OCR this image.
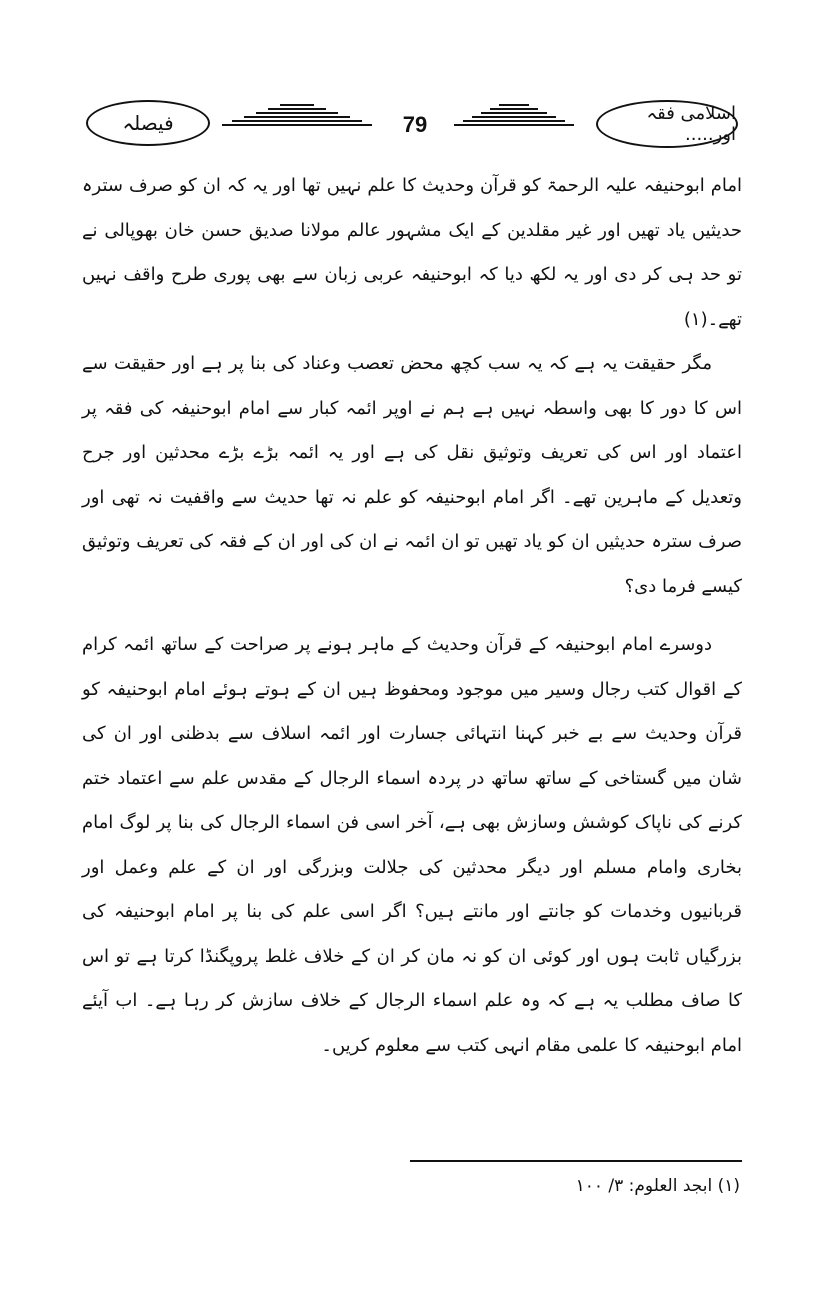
اسلامی فقہ اور.....
79
فیصلہ

امام ابوحنیفہ علیہ الرحمۃ کو قرآن وحدیث کا علم نہیں تھا اور یہ کہ ان کو صرف سترہ حدیثیں یاد تھیں اور غیر مقلدین کے ایک مشہور عالم مولانا صدیق حسن خان بھوپالی نے تو حد ہی کر دی اور یہ لکھ دیا کہ ابوحنیفہ عربی زبان سے بھی پوری طرح واقف نہیں تھے۔(۱)

مگر حقیقت یہ ہے کہ یہ سب کچھ محض تعصب وعناد کی بنا پر ہے اور حقیقت سے اس کا دور کا بھی واسطہ نہیں ہے ہم نے اوپر ائمہ کبار سے امام ابوحنیفہ کی فقہ پر اعتماد اور اس کی تعریف وتوثیق نقل کی ہے اور یہ ائمہ بڑے بڑے محدثین اور جرح وتعدیل کے ماہرین تھے۔ اگر امام ابوحنیفہ کو علم نہ تھا حدیث سے واقفیت نہ تھی اور صرف سترہ حدیثیں ان کو یاد تھیں تو ان ائمہ نے ان کی اور ان کے فقہ کی تعریف وتوثیق کیسے فرما دی؟

دوسرے امام ابوحنیفہ کے قرآن وحدیث کے ماہر ہونے پر صراحت کے ساتھ ائمہ کرام کے اقوال کتب رجال وسیر میں موجود ومحفوظ ہیں ان کے ہوتے ہوئے امام ابوحنیفہ کو قرآن وحدیث سے بے خبر کہنا انتہائی جسارت اور ائمہ اسلاف سے بدظنی اور ان کی شان میں گستاخی کے ساتھ ساتھ در پردہ اسماء الرجال کے مقدس علم سے اعتماد ختم کرنے کی ناپاک کوشش وسازش بھی ہے، آخر اسی فن اسماء الرجال کی بنا پر لوگ امام بخاری وامام مسلم اور دیگر محدثین کی جلالت وبزرگی اور ان کے علم وعمل اور قربانیوں وخدمات کو جانتے اور مانتے ہیں؟ اگر اسی علم کی بنا پر امام ابوحنیفہ کی بزرگیاں ثابت ہوں اور کوئی ان کو نہ مان کر ان کے خلاف غلط پروپگنڈا کرتا ہے تو اس کا صاف مطلب یہ ہے کہ وہ علم اسماء الرجال کے خلاف سازش کر رہا ہے۔ اب آیئے امام ابوحنیفہ کا علمی مقام انہی کتب سے معلوم کریں۔

(۱) ابجد العلوم: ۳/ ۱۰۰
